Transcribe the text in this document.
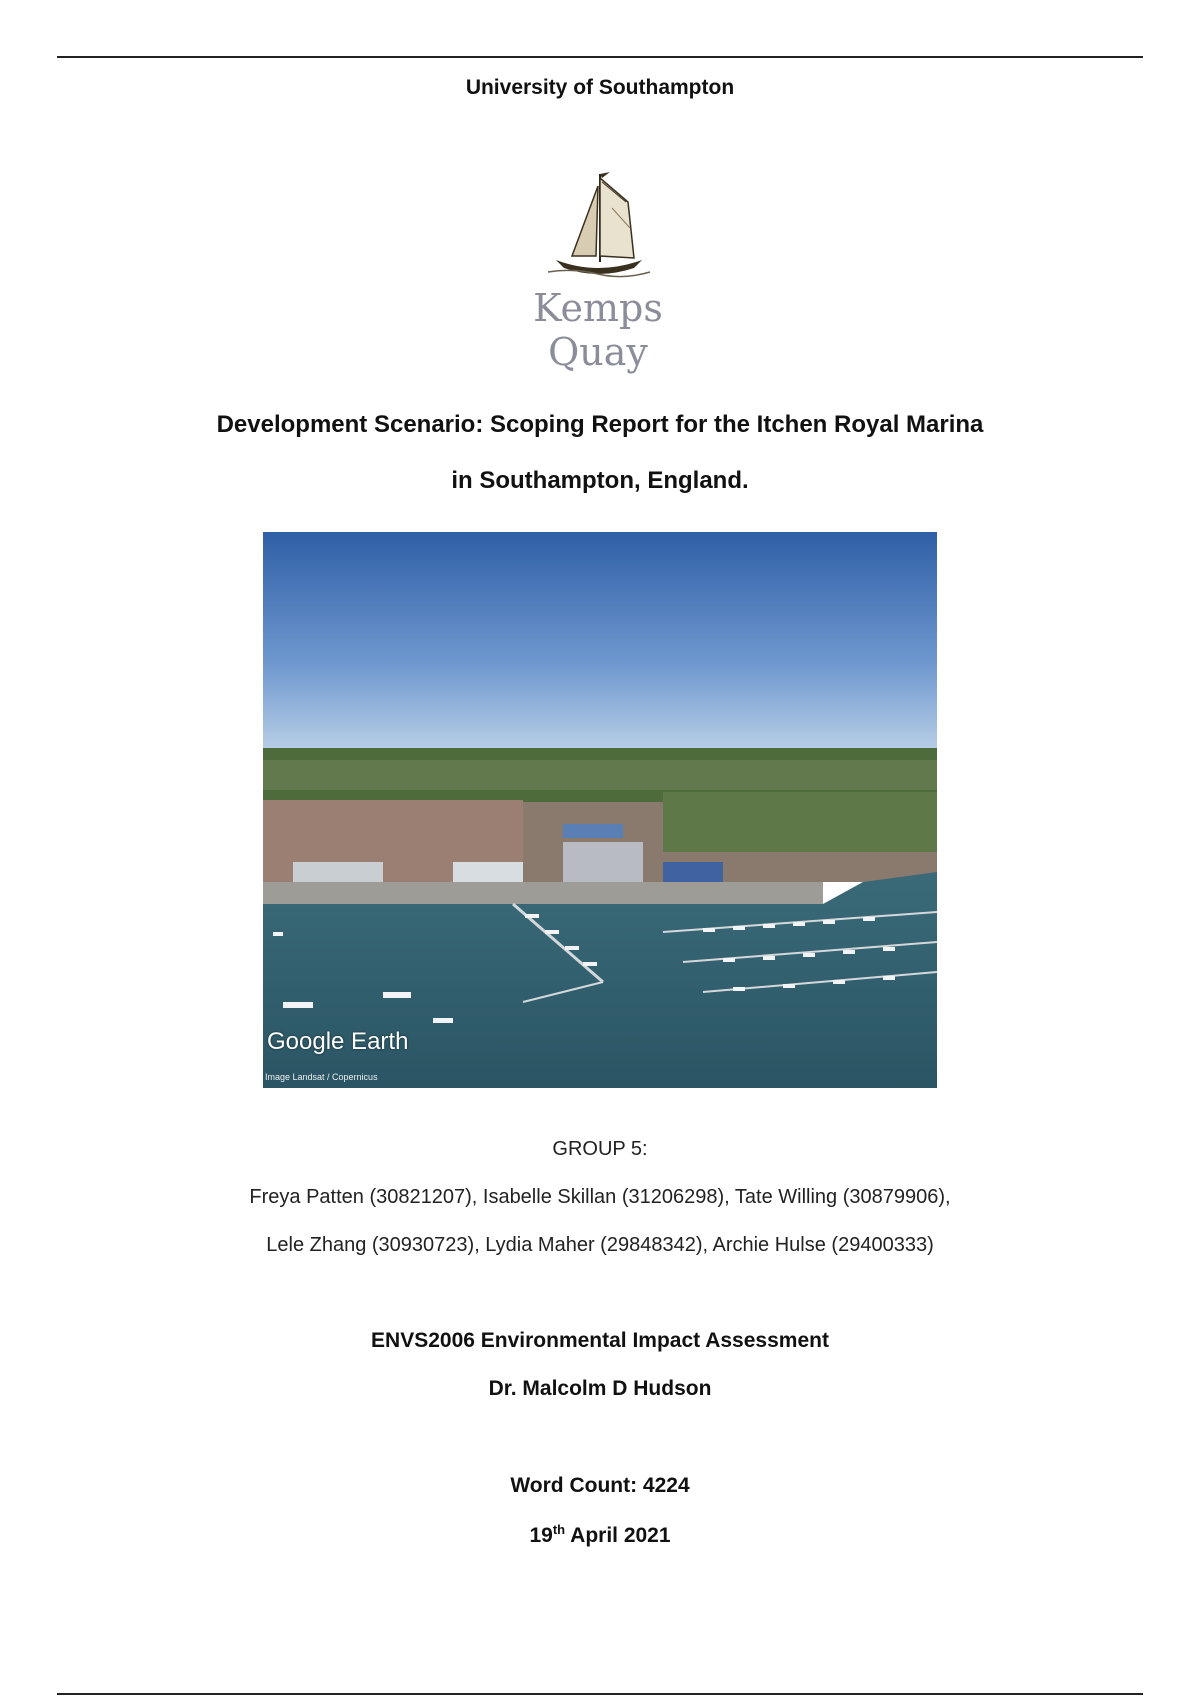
University of Southampton
Kemps Quay
Development Scenario: Scoping Report for the Itchen Royal Marina
in Southampton, England.
Google Earth
Image Landsat / Copernicus
GROUP 5:
Freya Patten (30821207), Isabelle Skillan (31206298), Tate Willing (30879906),
Lele Zhang (30930723), Lydia Maher (29848342), Archie Hulse (29400333)
ENVS2006 Environmental Impact Assessment
Dr. Malcolm D Hudson
Word Count: 4224
19th April 2021
